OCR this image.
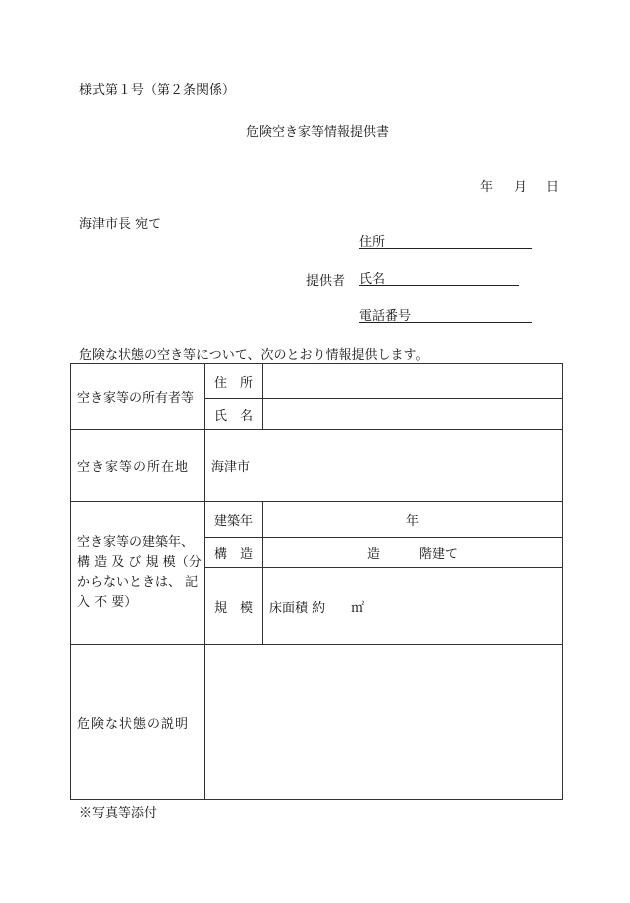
様式第１号（第２条関係）
危険空き家等情報提供書
年 月 日
海津市長 宛て
住所
提供者 氏名
電話番号
危険な状態の空き等について、次のとおり情報提供します。
空き家等の所有者等	住　所	
	氏　名	
空き家等の所在地	海津市	
空き家等の建築年、構 造 及 び 規 模（分からないときは、 記 入 不 要）	建築年	年
	構　造	造　　　階建て
	規　模	床面積 約　　㎡
危険な状態の説明		
※写真等添付
